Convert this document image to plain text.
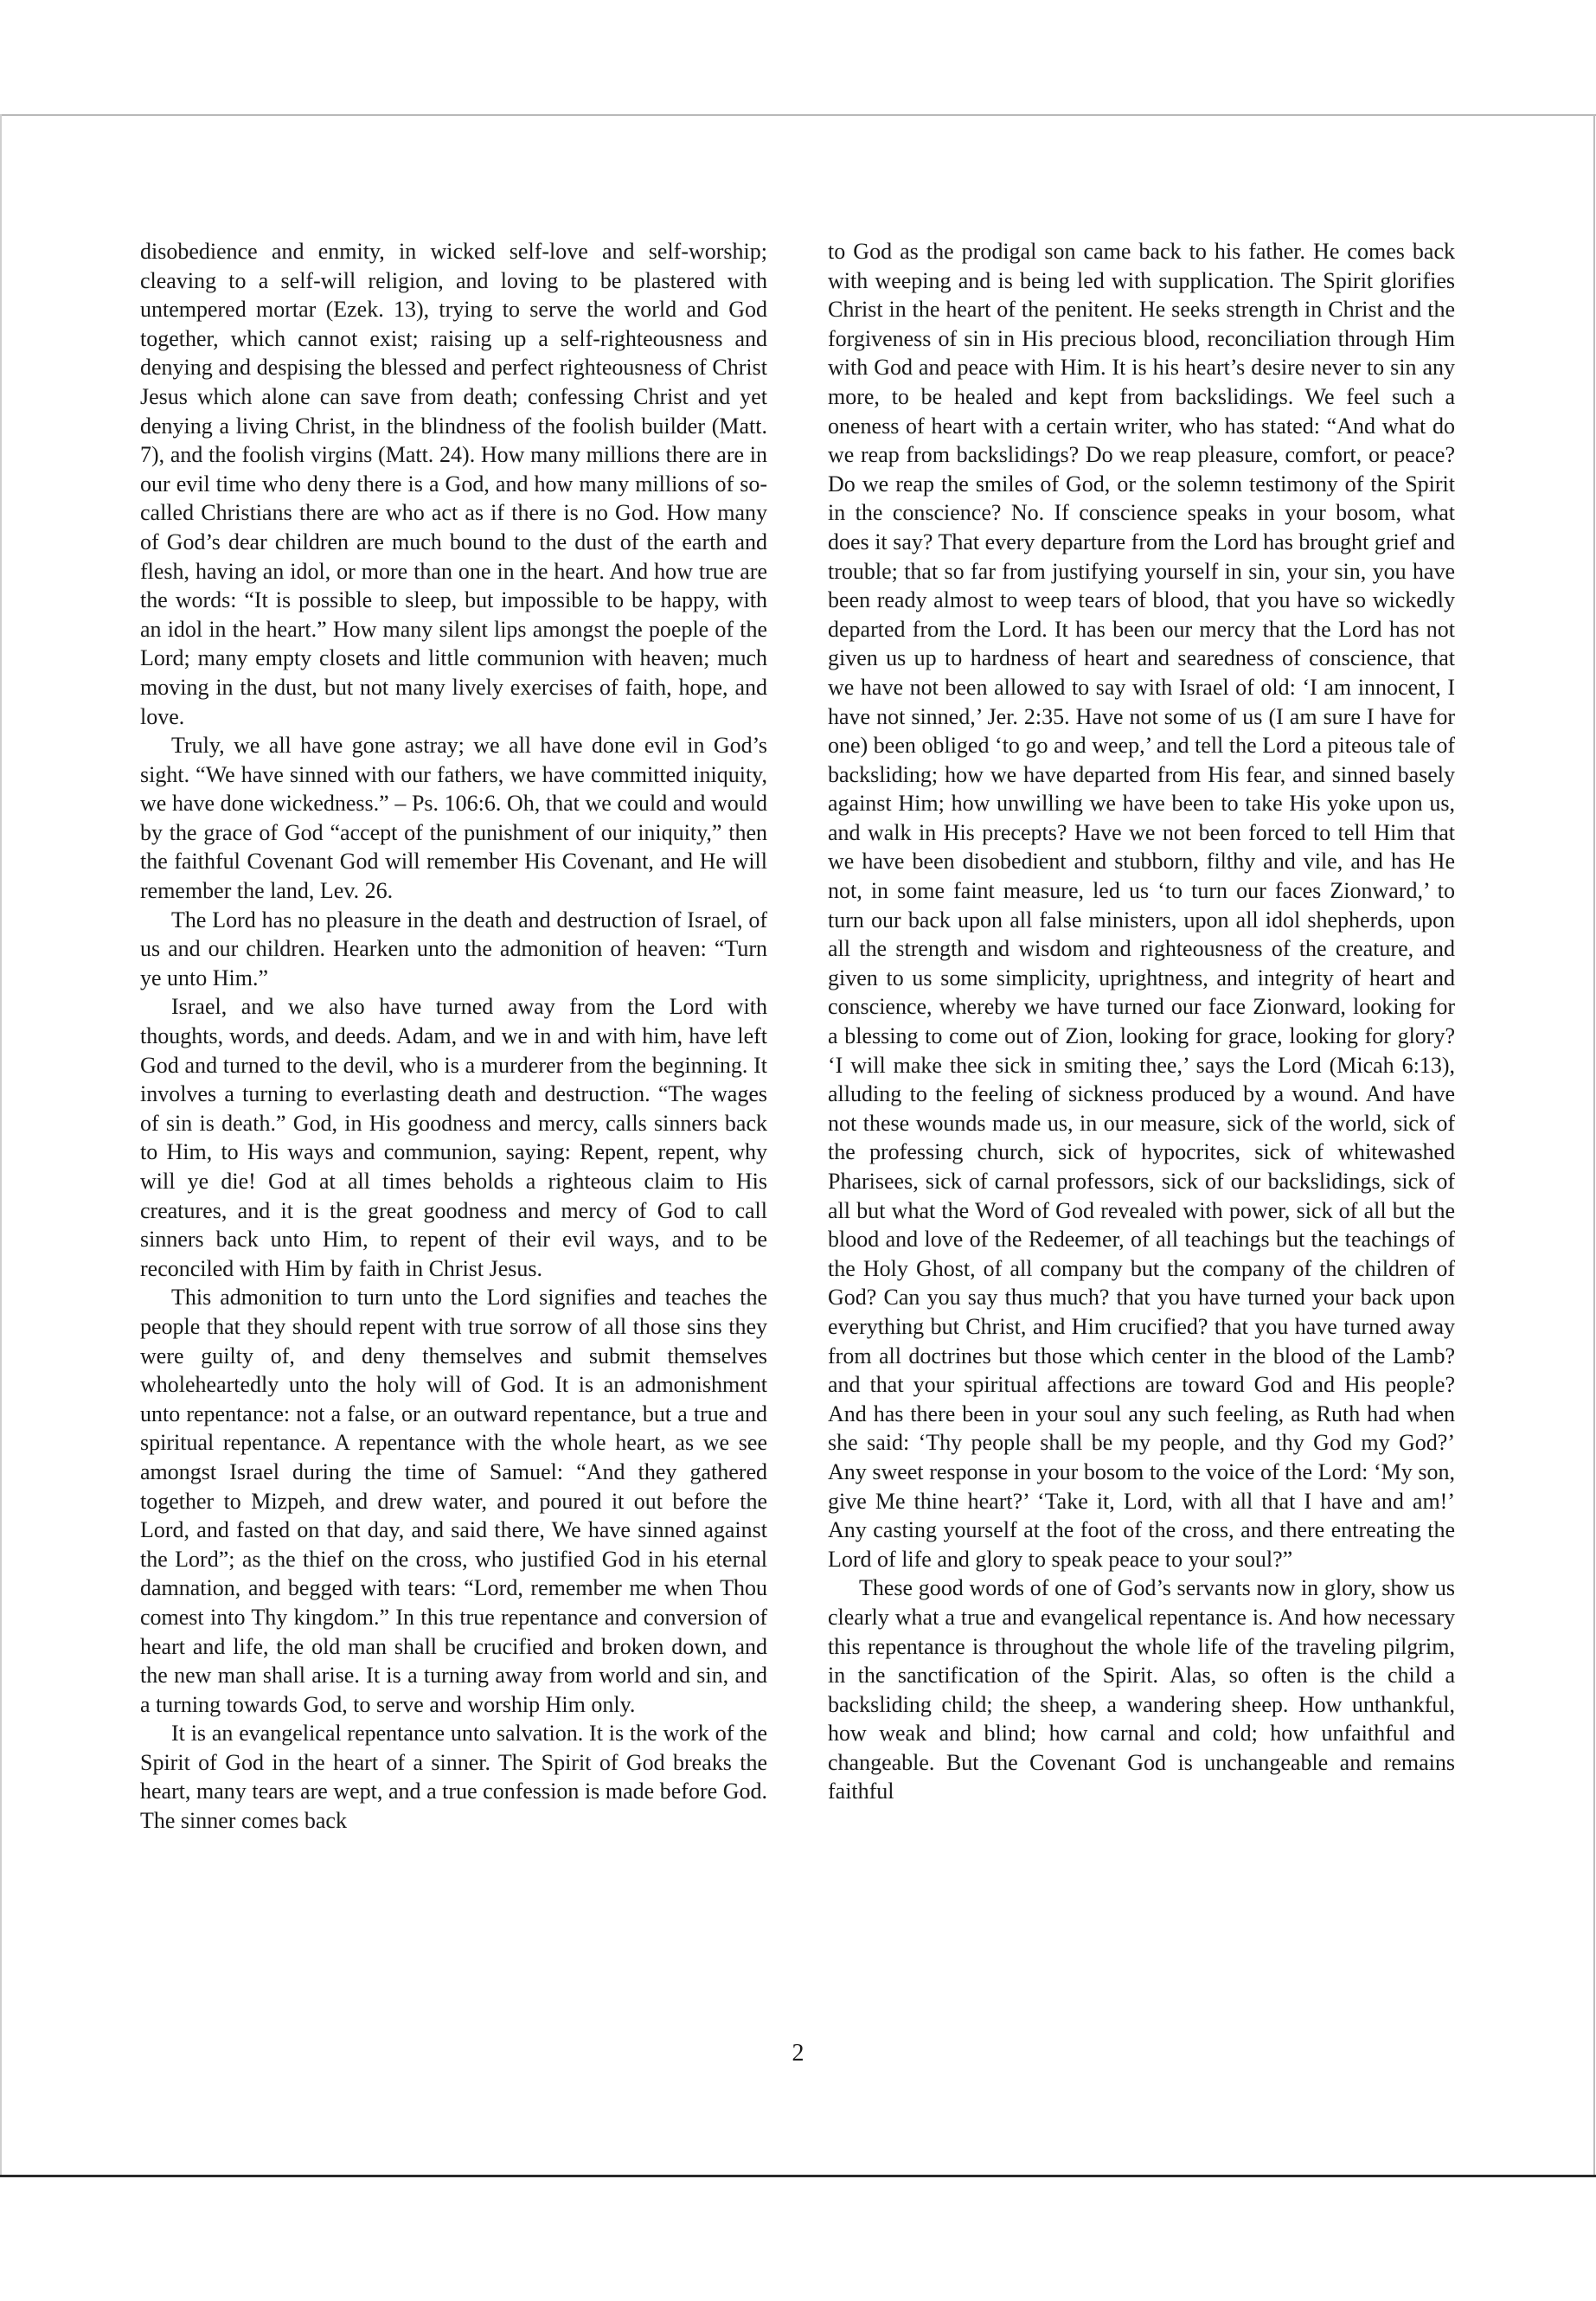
disobedience and enmity, in wicked self-love and self-worship; cleaving to a self-will religion, and loving to be plastered with untempered mortar (Ezek. 13), trying to serve the world and God together, which cannot exist; raising up a self-righteousness and denying and despising the blessed and perfect righteousness of Christ Jesus which alone can save from death; confessing Christ and yet denying a living Christ, in the blindness of the foolish builder (Matt. 7), and the foolish virgins (Matt. 24). How many millions there are in our evil time who deny there is a God, and how many millions of so-called Christians there are who act as if there is no God. How many of God’s dear children are much bound to the dust of the earth and flesh, having an idol, or more than one in the heart. And how true are the words: “It is possible to sleep, but impossible to be happy, with an idol in the heart.” How many silent lips amongst the poeple of the Lord; many empty closets and little communion with heaven; much moving in the dust, but not many lively exercises of faith, hope, and love.

Truly, we all have gone astray; we all have done evil in God’s sight. “We have sinned with our fathers, we have committed iniquity, we have done wickedness.” – Ps. 106:6. Oh, that we could and would by the grace of God “accept of the punishment of our iniquity,” then the faithful Covenant God will remember His Covenant, and He will remember the land, Lev. 26.

The Lord has no pleasure in the death and destruction of Israel, of us and our children. Hearken unto the admonition of heaven: “Turn ye unto Him.”

Israel, and we also have turned away from the Lord with thoughts, words, and deeds. Adam, and we in and with him, have left God and turned to the devil, who is a murderer from the beginning. It involves a turning to everlasting death and destruction. “The wages of sin is death.” God, in His goodness and mercy, calls sinners back to Him, to His ways and communion, saying: Repent, repent, why will ye die! God at all times beholds a righteous claim to His creatures, and it is the great goodness and mercy of God to call sinners back unto Him, to repent of their evil ways, and to be reconciled with Him by faith in Christ Jesus.

This admonition to turn unto the Lord signifies and teaches the people that they should repent with true sorrow of all those sins they were guilty of, and deny themselves and submit themselves wholeheartedly unto the holy will of God. It is an admonishment unto repentance: not a false, or an outward repentance, but a true and spiritual repentance. A repentance with the whole heart, as we see amongst Israel during the time of Samuel: “And they gathered together to Mizpeh, and drew water, and poured it out before the Lord, and fasted on that day, and said there, We have sinned against the Lord”; as the thief on the cross, who justified God in his eternal damnation, and begged with tears: “Lord, remember me when Thou comest into Thy kingdom.” In this true repentance and conversion of heart and life, the old man shall be crucified and broken down, and the new man shall arise. It is a turning away from world and sin, and a turning towards God, to serve and worship Him only.

It is an evangelical repentance unto salvation. It is the work of the Spirit of God in the heart of a sinner. The Spirit of God breaks the heart, many tears are wept, and a true confession is made before God. The sinner comes back

to God as the prodigal son came back to his father. He comes back with weeping and is being led with supplication. The Spirit glorifies Christ in the heart of the penitent. He seeks strength in Christ and the forgiveness of sin in His precious blood, reconciliation through Him with God and peace with Him. It is his heart’s desire never to sin any more, to be healed and kept from backslidings. We feel such a oneness of heart with a certain writer, who has stated: “And what do we reap from backslidings? Do we reap pleasure, comfort, or peace? Do we reap the smiles of God, or the solemn testimony of the Spirit in the conscience? No. If conscience speaks in your bosom, what does it say? That every departure from the Lord has brought grief and trouble; that so far from justifying yourself in sin, your sin, you have been ready almost to weep tears of blood, that you have so wickedly departed from the Lord. It has been our mercy that the Lord has not given us up to hardness of heart and searedness of conscience, that we have not been allowed to say with Israel of old: ‘I am innocent, I have not sinned,’ Jer. 2:35. Have not some of us (I am sure I have for one) been obliged ‘to go and weep,’ and tell the Lord a piteous tale of backsliding; how we have departed from His fear, and sinned basely against Him; how unwilling we have been to take His yoke upon us, and walk in His precepts? Have we not been forced to tell Him that we have been disobedient and stubborn, filthy and vile, and has He not, in some faint measure, led us ‘to turn our faces Zionward,’ to turn our back upon all false ministers, upon all idol shepherds, upon all the strength and wisdom and righteousness of the creature, and given to us some simplicity, uprightness, and integrity of heart and conscience, whereby we have turned our face Zionward, looking for a blessing to come out of Zion, looking for grace, looking for glory? ‘I will make thee sick in smiting thee,’ says the Lord (Micah 6:13), alluding to the feeling of sickness produced by a wound. And have not these wounds made us, in our measure, sick of the world, sick of the professing church, sick of hypocrites, sick of whitewashed Pharisees, sick of carnal professors, sick of our backslidings, sick of all but what the Word of God revealed with power, sick of all but the blood and love of the Redeemer, of all teachings but the teachings of the Holy Ghost, of all company but the company of the children of God? Can you say thus much? that you have turned your back upon everything but Christ, and Him crucified? that you have turned away from all doctrines but those which center in the blood of the Lamb? and that your spiritual affections are toward God and His people? And has there been in your soul any such feeling, as Ruth had when she said: ‘Thy people shall be my people, and thy God my God?’ Any sweet response in your bosom to the voice of the Lord: ‘My son, give Me thine heart?’ ‘Take it, Lord, with all that I have and am!’ Any casting yourself at the foot of the cross, and there entreating the Lord of life and glory to speak peace to your soul?”

These good words of one of God’s servants now in glory, show us clearly what a true and evangelical repentance is. And how necessary this repentance is throughout the whole life of the traveling pilgrim, in the sanctification of the Spirit. Alas, so often is the child a backsliding child; the sheep, a wandering sheep. How unthankful, how weak and blind; how carnal and cold; how unfaithful and changeable. But the Covenant God is unchangeable and remains faithful

2
